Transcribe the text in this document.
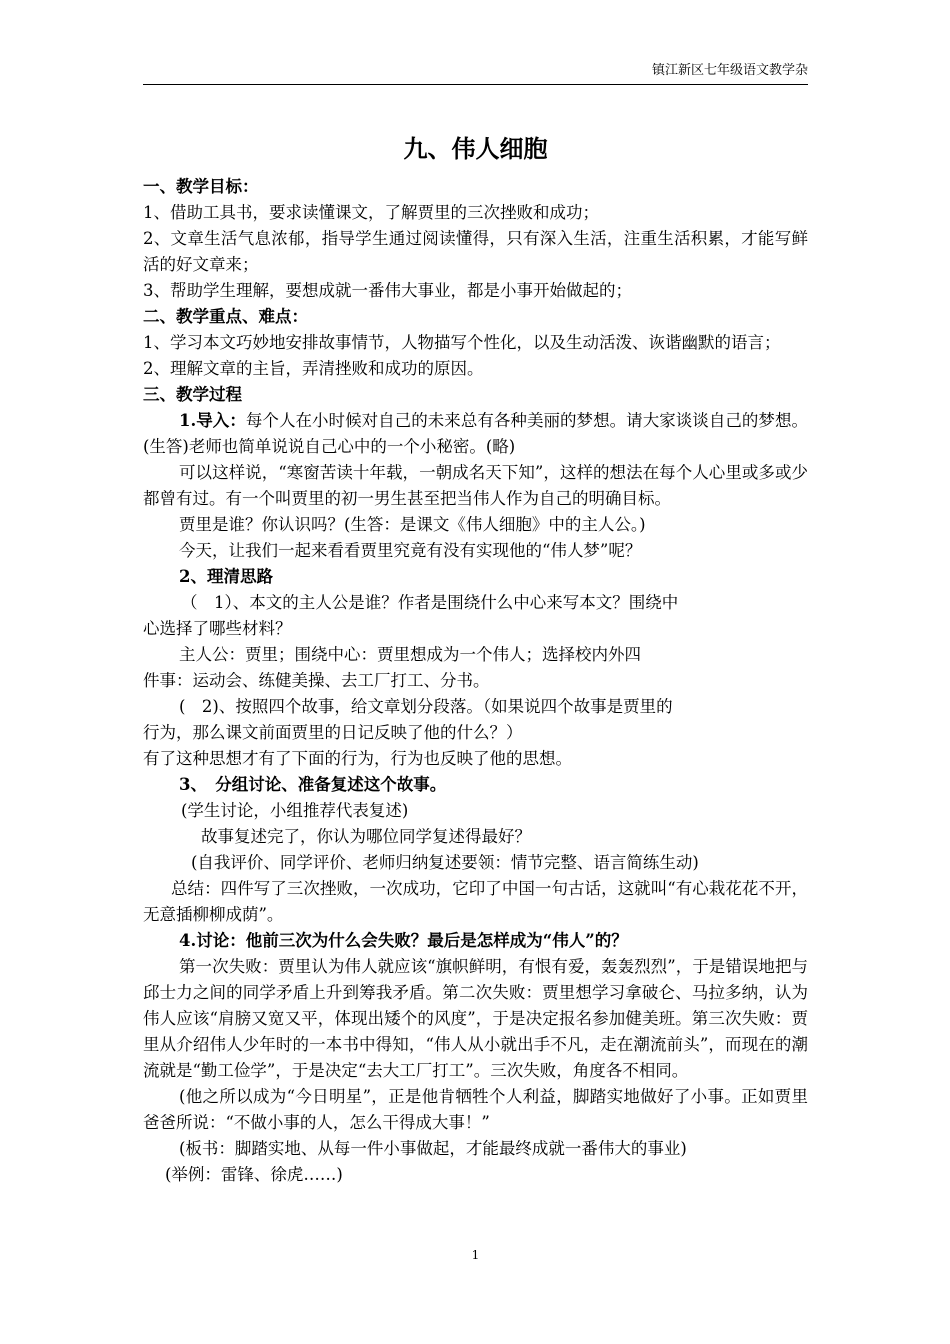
镇江新区七年级语文教学杂
九、伟人细胞

一、教学目标：

1、借助工具书，要求读懂课文，了解贾里的三次挫败和成功；

2、文章生活气息浓郁，指导学生通过阅读懂得，只有深入生活，注重生活积累，才能写鲜活的好文章来；

3、帮助学生理解，要想成就一番伟大事业，都是小事开始做起的；

二、教学重点、难点：

1、学习本文巧妙地安排故事情节，人物描写个性化，以及生动活泼、诙谐幽默的语言；

2、理解文章的主旨，弄清挫败和成功的原因。

三、教学过程

1.导入：每个人在小时候对自己的未来总有各种美丽的梦想。请大家谈谈自己的梦想。(生答)老师也简单说说自己心中的一个小秘密。(略)

可以这样说，“寒窗苦读十年载，一朝成名天下知”，这样的想法在每个人心里或多或少都曾有过。有一个叫贾里的初一男生甚至把当伟人作为自己的明确目标。

贾里是谁？你认识吗？(生答：是课文《伟人细胞》中的主人公。)

今天，让我们一起来看看贾里究竟有没有实现他的“伟人梦”呢？

2、理清思路

（　1）、本文的主人公是谁？作者是围绕什么中心来写本文？围绕中

心选择了哪些材料？

主人公：贾里；围绕中心：贾里想成为一个伟人；选择校内外四

件事：运动会、练健美操、去工厂打工、分书。

(　2)、按照四个故事，给文章划分段落。（如果说四个故事是贾里的

行为，那么课文前面贾里的日记反映了他的什么？）

有了这种思想才有了下面的行为，行为也反映了他的思想。

3、　分组讨论、准备复述这个故事。

(学生讨论，小组推荐代表复述)

故事复述完了，你认为哪位同学复述得最好？

(自我评价、同学评价、老师归纳复述要领：情节完整、语言简练生动)

总结：四件写了三次挫败，一次成功，它印了中国一句古话，这就叫“有心栽花花不开，无意插柳柳成荫”。

4.讨论：他前三次为什么会失败？最后是怎样成为“伟人”的？

第一次失败：贾里认为伟人就应该“旗帜鲜明，有恨有爱，轰轰烈烈”，于是错误地把与邱士力之间的同学矛盾上升到筹我矛盾。第二次失败：贾里想学习拿破仑、马拉多纳，认为伟人应该“肩膀又宽又平，体现出矮个的风度”，于是决定报名参加健美班。第三次失败：贾里从介绍伟人少年时的一本书中得知，“伟人从小就出手不凡，走在潮流前头”，而现在的潮流就是“勤工俭学”，于是决定“去大工厂打工”。三次失败，角度各不相同。

(他之所以成为“今日明星”，正是他肯牺牲个人利益，脚踏实地做好了小事。正如贾里爸爸所说：“不做小事的人，怎么干得成大事！”

(板书：脚踏实地、从每一件小事做起，才能最终成就一番伟大的事业)

(举例：雷锋、徐虎……)

1
